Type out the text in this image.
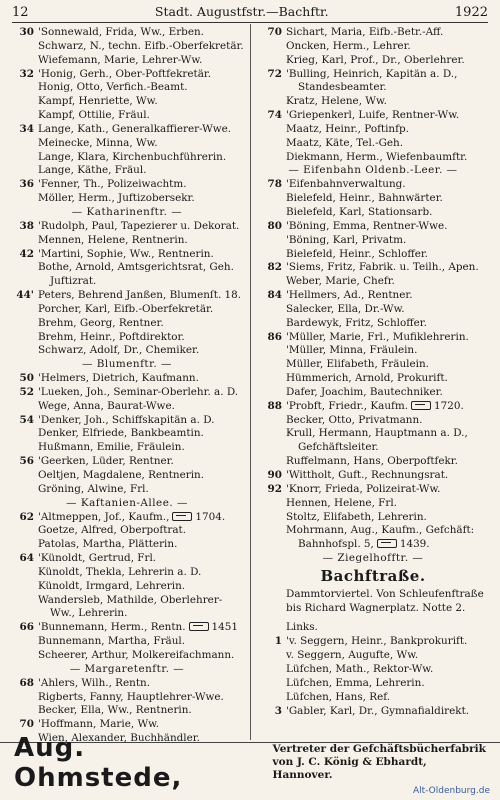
12	Stadt. Augustfstr.—Bachftr.	1922
30 'Sonnewald, Frida, Ww., Erben.
Schwarz, N., techn. Eifb.-Oberfekretär.
Wiefemann, Marie, Lehrer-Ww.
32 'Honig, Gerh., Ober-Poftfekretär.
Honig, Otto, Verfich.-Beamt.
Kampf, Henriette, Ww.
Kampf, Ottilie, Fräul.
34 Lange, Kath., Generalkaffierer-Wwe.
Meinecke, Minna, Ww.
Lange, Klara, Kirchenbuchführerin.
Lange, Käthe, Fräul.
36 'Fenner, Th., Polizeiwachtm.
Möller, Herm., Juftizobersekr.
— Katharinenftr. —
38 'Rudolph, Paul, Tapezierer u. Dekorat.
Mennen, Helene, Rentnerin.
42 'Martini, Sophie, Ww., Rentnerin.
Bothe, Arnold, Amtsgerichtsrat, Geh.
Juftizrat.
44' Peters, Behrend Janßen, Blumenſt. 18.
Porcher, Karl, Eifb.-Oberfekretär.
Brehm, Georg, Rentner.
Brehm, Heinr., Poftdirektor.
Schwarz, Adolf, Dr., Chemiker.
— Blumenftr. —
50 'Helmers, Dietrich, Kaufmann.
52 'Lueken, Joh., Seminar-Oberlehr. a. D.
Wege, Anna, Baurat-Wwe.
54 'Denker, Joh., Schiffskapitän a. D.
Denker, Elfriede, Bankbeamtin.
Hußmann, Emilie, Fräulein.
56 'Geerken, Lüder, Rentner.
Oeltjen, Magdalene, Rentnerin.
Gröning, Alwine, Frl.
— Kaftanien-Allee. —
62 'Altmeppen, Jof., Kaufm.,	1704.
Goetze, Alfred, Oberpoftrat.
Patolas, Martha, Plätterin.
64 'Künoldt, Gertrud, Frl.
Künoldt, Thekla, Lehrerin a. D.
Künoldt, Irmgard, Lehrerin.
Wandersleb, Mathilde, Oberlehrer-
Ww., Lehrerin.
66 'Bunnemann, Herm., Rentn.	1451
Bunnemann, Martha, Fräul.
Scheerer, Arthur, Molkereifachmann.
— Margaretenftr. —
68 'Ahlers, Wilh., Rentn.
Rigberts, Fanny, Hauptlehrer-Wwe.
Becker, Ella, Ww., Rentnerin.
70 'Hoffmann, Marie, Ww.
Wien, Alexander, Buchhändler.
70 Sichart, Maria, Eifb.-Betr.-Aff.
Oncken, Herm., Lehrer.
Krieg, Karl, Prof., Dr., Oberlehrer.
72 'Bulling, Heinrich, Kapitän a. D.,
Standesbeamter.
Kratz, Helene, Ww.
74 'Griepenkerl, Luife, Rentner-Ww.
Maatz, Heinr., Poftinfp.
Maatz, Käte, Tel.-Geh.
Diekmann, Herm., Wiefenbaumftr.
— Eifenbahn Oldenb.-Leer. —
78 'Eifenbahnverwaltung.
Bielefeld, Heinr., Bahnwärter.
Bielefeld, Karl, Stationsarb.
80 'Böning, Emma, Rentner-Wwe.
'Böning, Karl, Privatm.
Bielefeld, Heinr., Schloffer.
82 'Siems, Fritz, Fabrik. u. Teilh., Apen.
Weber, Marie, Chefr.
84 'Hellmers, Ad., Rentner.
Salecker, Ella, Dr.-Ww.
Bardewyk, Fritz, Schloffer.
86 'Müller, Marie, Frl., Mufiklehrerin.
'Müller, Minna, Fräulein.
Müller, Elifabeth, Fräulein.
Hümmerich, Arnold, Prokurift.
Dafer, Joachim, Bautechniker.
88 'Probft, Friedr., Kaufm.	1720.
Becker, Otto, Privatmann.
Krull, Hermann, Hauptmann a. D.,
Gefchäftsleiter.
Ruffelmann, Hans, Oberpoftfekr.
90 'Wittholt, Guft., Rechnungsrat.
92 'Knorr, Frieda, Polizeirat-Ww.
Hennen, Helene, Frl.
Stoltz, Elifabeth, Lehrerin.
Mohrmann, Aug., Kaufm., Gefchäft:
Bahnhofspl. 5,	1439.
— Ziegelhofftr. —
Bachftraße.
Dammtorviertel. Von Schleufenftraße
bis Richard Wagnerplatz. Notte 2.
Links.
1 'v. Seggern, Heinr., Bankprokurift.
v. Seggern, Augufte, Ww.
Lüfchen, Math., Rektor-Ww.
Lüfchen, Emma, Lehrerin.
Lüfchen, Hans, Ref.
3 'Gabler, Karl, Dr., Gymnafialdirekt.
Aug. Ohmstede,
Vertreter der Gefchäftsbücherfabrik
von J. C. König & Ebhardt, Hannover.
Alt-Oldenburg.de
